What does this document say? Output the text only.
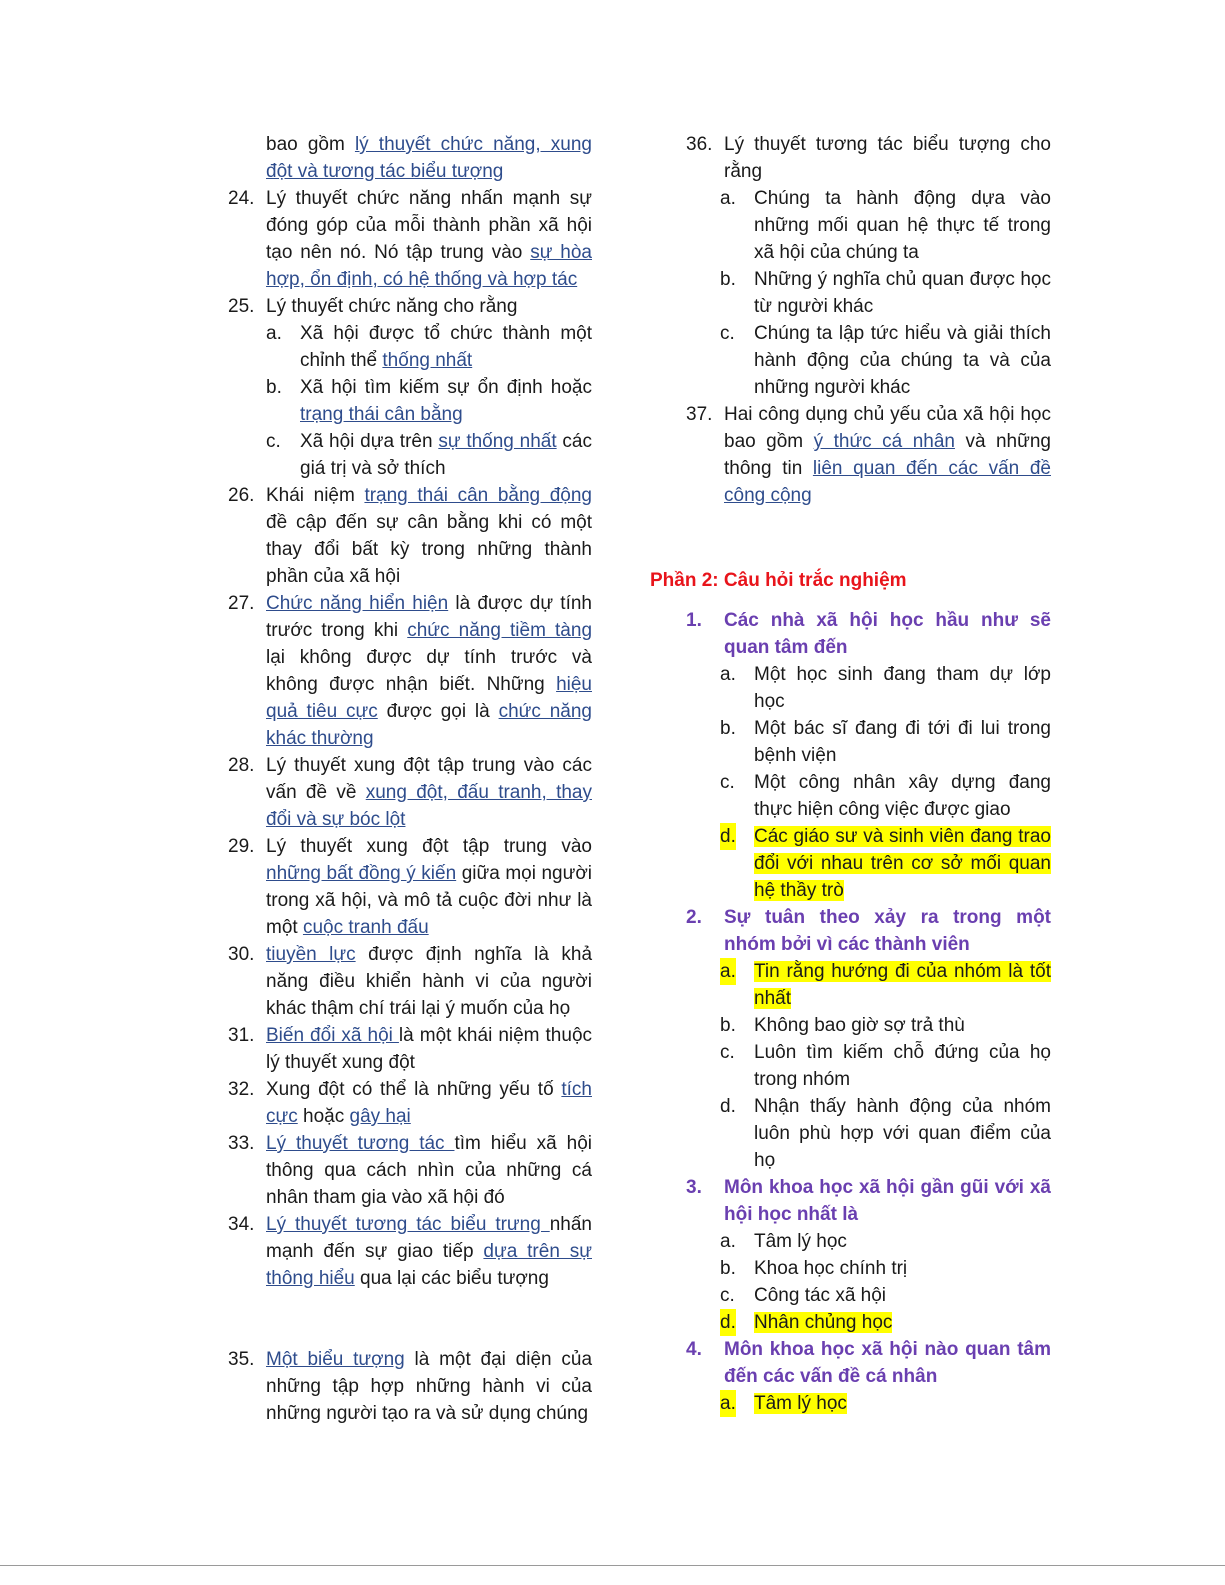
bao gồm lý thuyết chức năng, xung đột và tương tác biểu tượng
24. Lý thuyết chức năng nhấn mạnh sự đóng góp của mỗi thành phần xã hội tạo nên nó. Nó tập trung vào sự hòa hợp, ổn định, có hệ thống và hợp tác
25. Lý thuyết chức năng cho rằng
a. Xã hội được tổ chức thành một chỉnh thể thống nhất
b. Xã hội tìm kiếm sự ổn định hoặc trạng thái cân bằng
c. Xã hội dựa trên sự thống nhất các giá trị và sở thích
26. Khái niệm trạng thái cân bằng động đề cập đến sự cân bằng khi có một thay đổi bất kỳ trong những thành phần của xã hội
27. Chức năng hiển hiện là được dự tính trước trong khi chức năng tiềm tàng lại không được dự tính trước và không được nhận biết. Những hiệu quả tiêu cực được gọi là chức năng khác thường
28. Lý thuyết xung đột tập trung vào các vấn đề về xung đột, đấu tranh, thay đổi và sự bóc lột
29. Lý thuyết xung đột tập trung vào những bất đồng ý kiến giữa mọi người trong xã hội, và mô tả cuộc đời như là một cuộc tranh đấu
30. tiuyền lực được định nghĩa là khả năng điều khiển hành vi của người khác thậm chí trái lại ý muốn của họ
31. Biến đổi xã hội là một khái niệm thuộc lý thuyết xung đột
32. Xung đột có thể là những yếu tố tích cực hoặc gây hại
33. Lý thuyết tương tác tìm hiểu xã hội thông qua cách nhìn của những cá nhân tham gia vào xã hội đó
34. Lý thuyết tương tác biểu trưng nhấn mạnh đến sự giao tiếp dựa trên sự thông hiểu qua lại các biểu tượng
35. Một biểu tượng là một đại diện của những tập hợp những hành vi của những người tạo ra và sử dụng chúng
36. Lý thuyết tương tác biểu tượng cho rằng
a. Chúng ta hành động dựa vào những mối quan hệ thực tế trong xã hội của chúng ta
b. Những ý nghĩa chủ quan được học từ người khác
c. Chúng ta lập tức hiểu và giải thích hành động của chúng ta và của những người khác
37. Hai công dụng chủ yếu của xã hội học bao gồm ý thức cá nhân và những thông tin liên quan đến các vấn đề công cộng
Phần 2: Câu hỏi trắc nghiệm
1. Các nhà xã hội học hầu như sẽ quan tâm đến
a. Một học sinh đang tham dự lớp học
b. Một bác sĩ đang đi tới đi lui trong bệnh viện
c. Một công nhân xây dựng đang thực hiện công việc được giao
d. Các giáo sư và sinh viên đang trao đổi với nhau trên cơ sở mối quan hệ thầy trò
2. Sự tuân theo xảy ra trong một nhóm bởi vì các thành viên
a. Tin rằng hướng đi của nhóm là tốt nhất
b. Không bao giờ sợ trả thù
c. Luôn tìm kiếm chỗ đứng của họ trong nhóm
d. Nhận thấy hành động của nhóm luôn phù hợp với quan điểm của họ
3. Môn khoa học xã hội gần gũi với xã hội học nhất là
a. Tâm lý học
b. Khoa học chính trị
c. Công tác xã hội
d. Nhân chủng học
4. Môn khoa học xã hội nào quan tâm đến các vấn đề cá nhân
a. Tâm lý học
